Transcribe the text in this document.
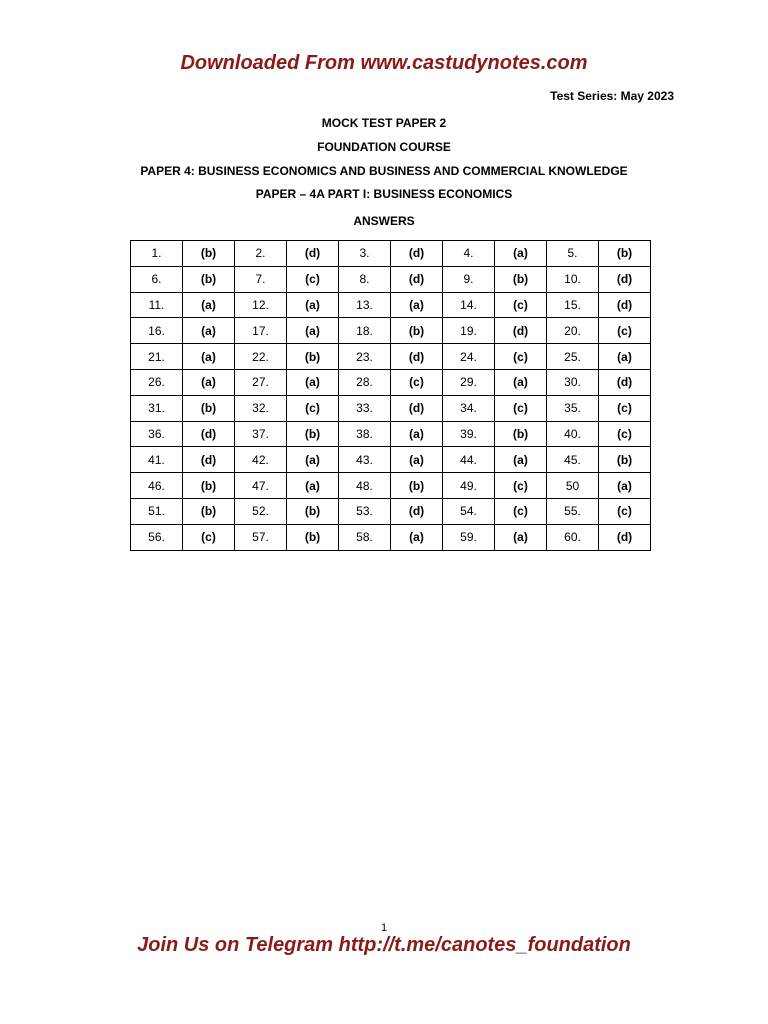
Downloaded From www.castudynotes.com
Test Series: May 2023
MOCK TEST PAPER 2
FOUNDATION COURSE
PAPER 4: BUSINESS ECONOMICS AND BUSINESS AND COMMERCIAL KNOWLEDGE
PAPER – 4A PART I: BUSINESS ECONOMICS
ANSWERS
1.	(b)	2.	(d)	3.	(d)	4.	(a)	5.	(b)
6.	(b)	7.	(c)	8.	(d)	9.	(b)	10.	(d)
11.	(a)	12.	(a)	13.	(a)	14.	(c)	15.	(d)
16.	(a)	17.	(a)	18.	(b)	19.	(d)	20.	(c)
21.	(a)	22.	(b)	23.	(d)	24.	(c)	25.	(a)
26.	(a)	27.	(a)	28.	(c)	29.	(a)	30.	(d)
31.	(b)	32.	(c)	33.	(d)	34.	(c)	35.	(c)
36.	(d)	37.	(b)	38.	(a)	39.	(b)	40.	(c)
41.	(d)	42.	(a)	43.	(a)	44.	(a)	45.	(b)
46.	(b)	47.	(a)	48.	(b)	49.	(c)	50	(a)
51.	(b)	52.	(b)	53.	(d)	54.	(c)	55.	(c)
56.	(c)	57.	(b)	58.	(a)	59.	(a)	60.	(d)
1
Join Us on Telegram http://t.me/canotes_foundation
